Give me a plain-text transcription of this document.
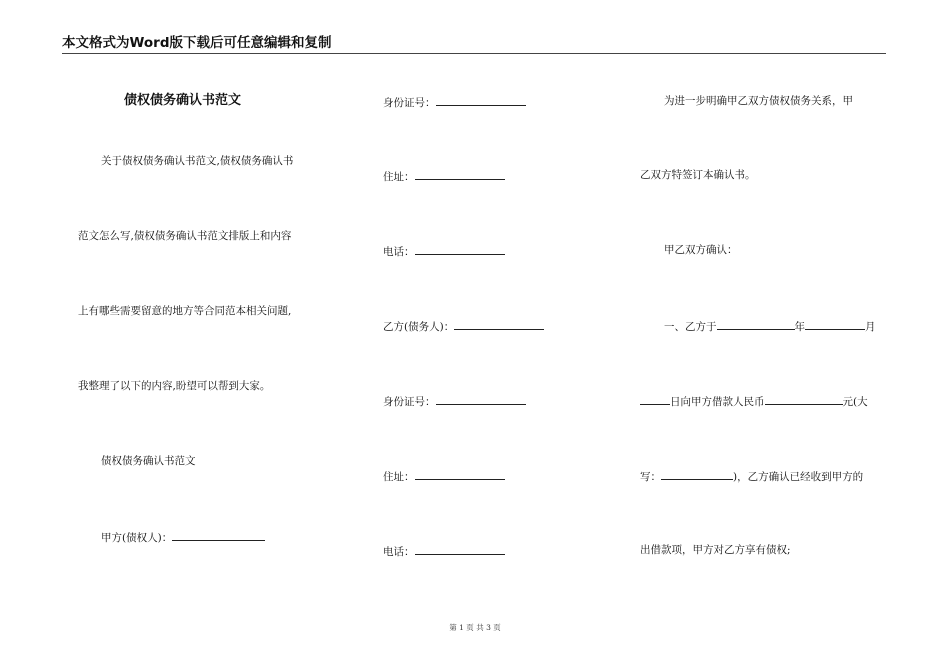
本文格式为Word版下载后可任意编辑和复制
债权债务确认书范文
关于债权债务确认书范文,债权债务确认书
范文怎么写,债权债务确认书范文排版上和内容
上有哪些需要留意的地方等合同范本相关问题,
我整理了以下的内容,盼望可以帮到大家。
债权债务确认书范文
甲方(债权人)：
身份证号：
住址：
电话：
乙方(债务人)：
身份证号：
住址：
电话：
为进一步明确甲乙双方债权债务关系，甲
乙双方特签订本确认书。
甲乙双方确认：
一、乙方于	年	月
日向甲方借款人民币	元(大
写：	)，乙方确认已经收到甲方的
出借款项，甲方对乙方享有债权;
第 1 页 共 3 页
